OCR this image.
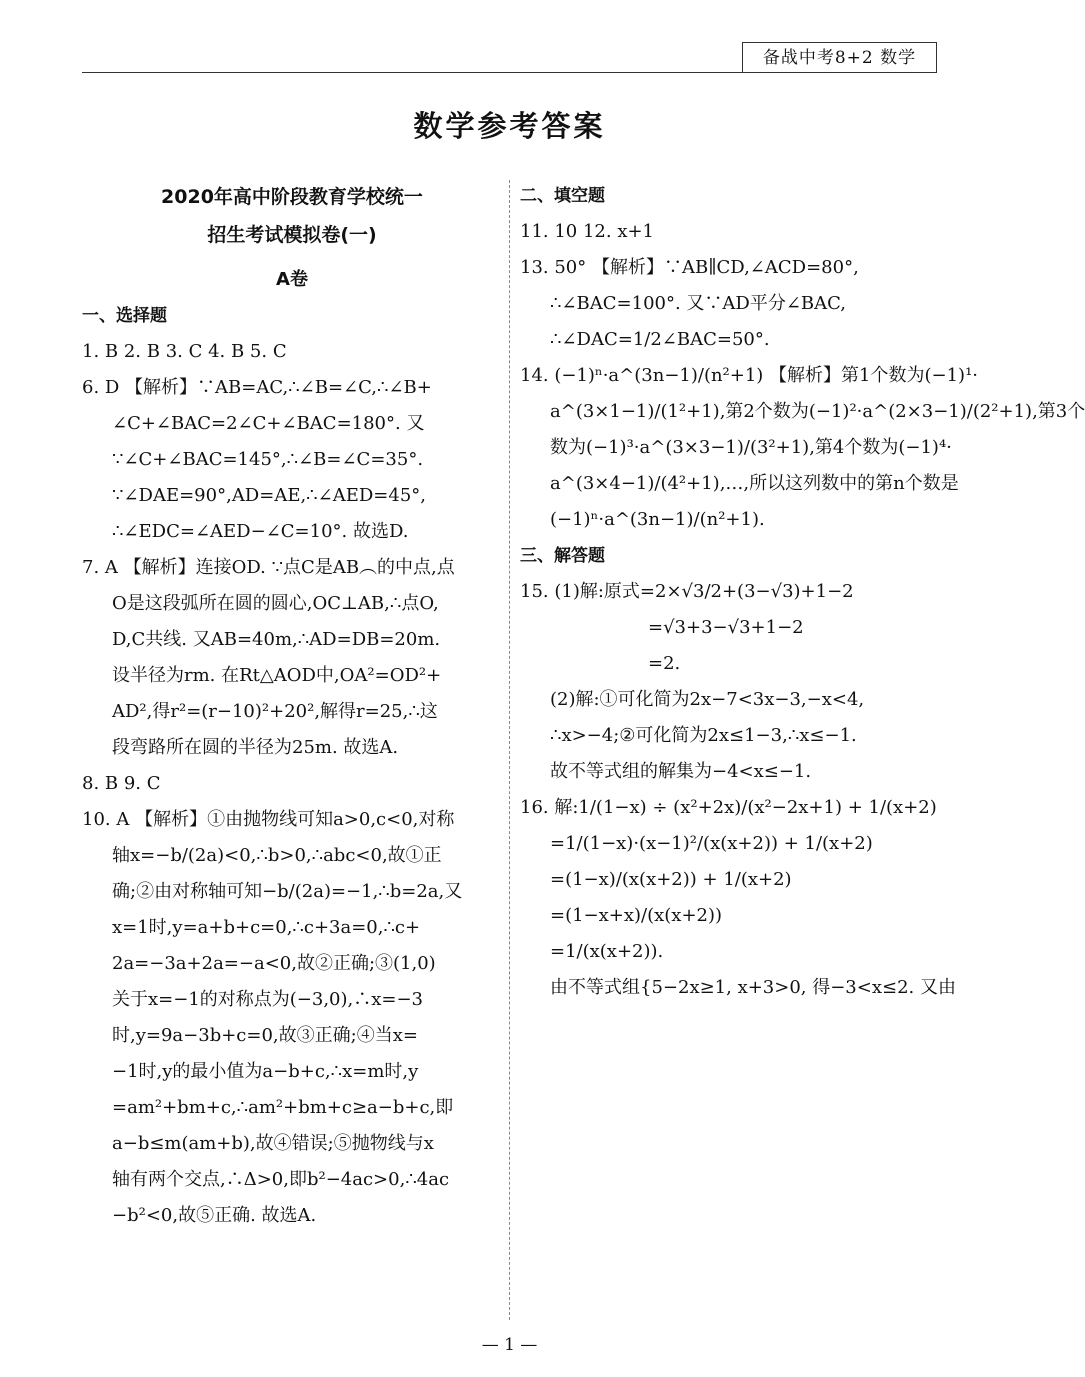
备战中考8+2 数学
数学参考答案
2020年高中阶段教育学校统一
招生考试模拟卷(一)
A卷
一、选择题
1. B 2. B 3. C 4. B 5. C
6. D 【解析】∵AB=AC,∴∠B=∠C,∴∠B+
∠C+∠BAC=2∠C+∠BAC=180°. 又
∵∠C+∠BAC=145°,∴∠B=∠C=35°.
∵∠DAE=90°,AD=AE,∴∠AED=45°,
∴∠EDC=∠AED−∠C=10°. 故选D.
7. A 【解析】连接OD. ∵点C是AB︵的中点,点
O是这段弧所在圆的圆心,OC⊥AB,∴点O,
D,C共线. 又AB=40m,∴AD=DB=20m.
设半径为rm. 在Rt△AOD中,OA²=OD²+
AD²,得r²=(r−10)²+20²,解得r=25,∴这
段弯路所在圆的半径为25m. 故选A.
8. B 9. C
10. A 【解析】①由抛物线可知a>0,c<0,对称
轴x=−b/(2a)<0,∴b>0,∴abc<0,故①正
确;②由对称轴可知−b/(2a)=−1,∴b=2a,又
x=1时,y=a+b+c=0,∴c+3a=0,∴c+
2a=−3a+2a=−a<0,故②正确;③(1,0)
关于x=−1的对称点为(−3,0),∴x=−3
时,y=9a−3b+c=0,故③正确;④当x=
−1时,y的最小值为a−b+c,∴x=m时,y
=am²+bm+c,∴am²+bm+c≥a−b+c,即
a−b≤m(am+b),故④错误;⑤抛物线与x
轴有两个交点,∴Δ>0,即b²−4ac>0,∴4ac
−b²<0,故⑤正确. 故选A.
二、填空题
11. 10 12. x+1
13. 50° 【解析】∵AB∥CD,∠ACD=80°,
∴∠BAC=100°. 又∵AD平分∠BAC,
∴∠DAC=1/2∠BAC=50°.
14. (−1)ⁿ·a^(3n−1)/(n²+1) 【解析】第1个数为(−1)¹·
a^(3×1−1)/(1²+1),第2个数为(−1)²·a^(2×3−1)/(2²+1),第3个
数为(−1)³·a^(3×3−1)/(3²+1),第4个数为(−1)⁴·
a^(3×4−1)/(4²+1),…,所以这列数中的第n个数是
(−1)ⁿ·a^(3n−1)/(n²+1).
三、解答题
15. (1)解:原式=2×√3/2+(3−√3)+1−2
=√3+3−√3+1−2
=2.
(2)解:①可化简为2x−7<3x−3,−x<4,
∴x>−4;②可化简为2x≤1−3,∴x≤−1.
故不等式组的解集为−4<x≤−1.
16. 解:1/(1−x) ÷ (x²+2x)/(x²−2x+1) + 1/(x+2)
=1/(1−x)·(x−1)²/(x(x+2)) + 1/(x+2)
=(1−x)/(x(x+2)) + 1/(x+2)
=(1−x+x)/(x(x+2))
=1/(x(x+2)).
由不等式组{5−2x≥1, x+3>0, 得−3<x≤2. 又由
— 1 —
